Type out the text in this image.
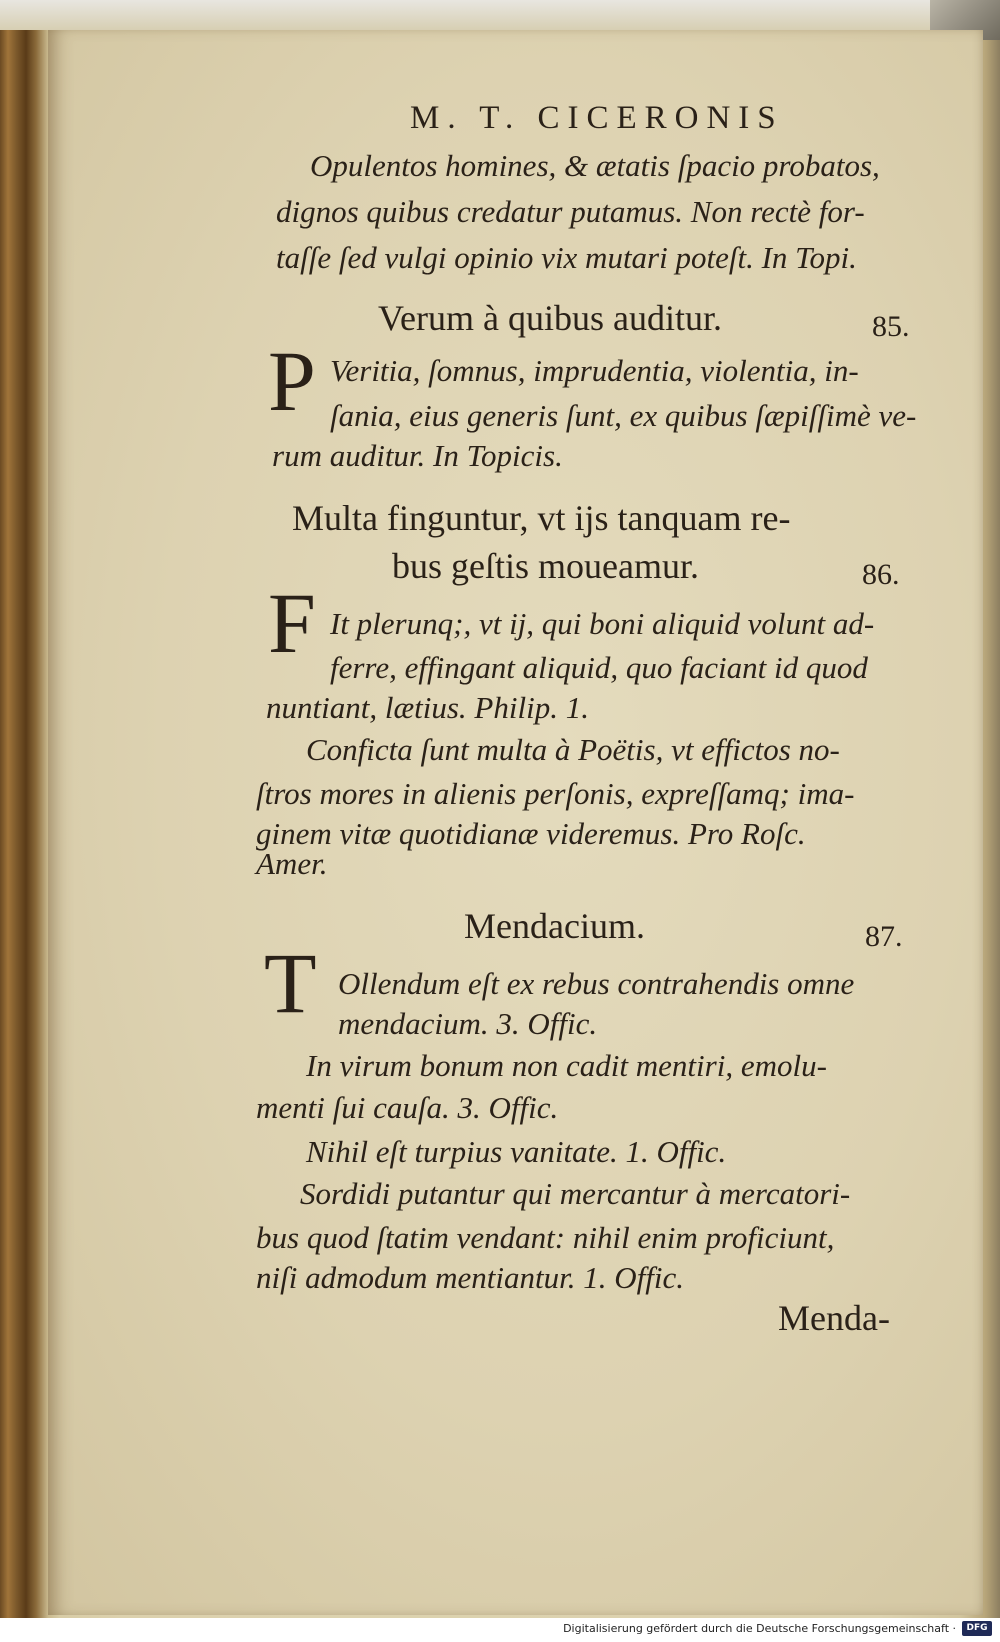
M. T. CICERONIS
Opulentos homines, & ætatis ſpacio probatos,
dignos quibus credatur putamus. Non rectè for-
taſſe ſed vulgi opinio vix mutari poteſt. In Topi.
Verum à quibus auditur.	85.
P Veritia, ſomnus, imprudentia, violentia, in-
ſania, eius generis ſunt, ex quibus ſæpiſſimè ve-
rum auditur. In Topicis.
Multa finguntur, vt ijs tanquam re-
bus geſtis moueamur.	86.
F It plerunq;, vt ij, qui boni aliquid volunt ad-
ferre, effingant aliquid, quo faciant id quod
nuntiant, lætius. Philip. 1.
Conficta ſunt multa à Poëtis, vt effictos no-
ſtros mores in alienis perſonis, expreſſamq; ima-
ginem vitæ quotidianæ videremus. Pro Roſc.
Amer.
Mendacium.	87.
T Ollendum eſt ex rebus contrahendis omne
mendacium. 3. Offic.
In virum bonum non cadit mentiri, emolu-
menti ſui cauſa. 3. Offic.
Nihil eſt turpius vanitate. 1. Offic.
Sordidi putantur qui mercantur à mercatori-
bus quod ſtatim vendant: nihil enim proficiunt,
niſi admodum mentiantur. 1. Offic.
Menda-
Digitalisierung gefördert durch die Deutsche Forschungsgemeinschaft ·	DFG
